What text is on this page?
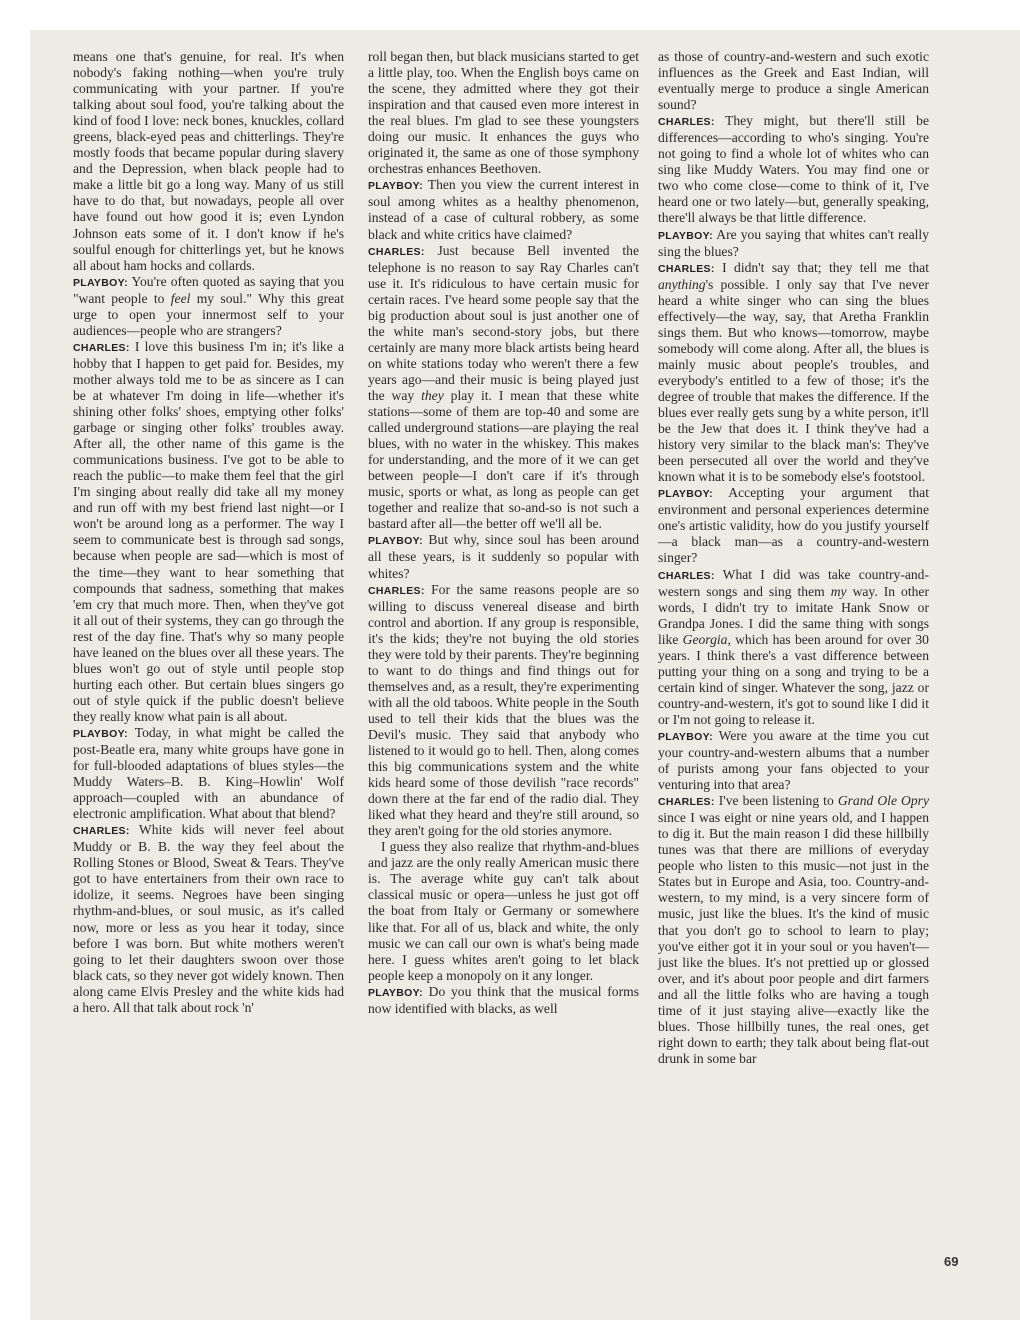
means one that's genuine, for real. It's when nobody's faking nothing—when you're truly communicating with your partner. If you're talking about soul food, you're talking about the kind of food I love: neck bones, knuckles, collard greens, black-eyed peas and chitterlings. They're mostly foods that became popular during slavery and the Depression, when black people had to make a little bit go a long way. Many of us still have to do that, but nowadays, people all over have found out how good it is; even Lyndon Johnson eats some of it. I don't know if he's soulful enough for chitterlings yet, but he knows all about ham hocks and collards.

PLAYBOY: You're often quoted as saying that you "want people to feel my soul." Why this great urge to open your innermost self to your audiences—people who are strangers?

CHARLES: I love this business I'm in; it's like a hobby that I happen to get paid for. Besides, my mother always told me to be as sincere as I can be at whatever I'm doing in life—whether it's shining other folks' shoes, emptying other folks' garbage or singing other folks' troubles away. After all, the other name of this game is the communications business. I've got to be able to reach the public—to make them feel that the girl I'm singing about really did take all my money and run off with my best friend last night—or I won't be around long as a performer. The way I seem to communicate best is through sad songs, because when people are sad—which is most of the time—they want to hear something that compounds that sadness, something that makes 'em cry that much more. Then, when they've got it all out of their systems, they can go through the rest of the day fine. That's why so many people have leaned on the blues over all these years. The blues won't go out of style until people stop hurting each other. But certain blues singers go out of style quick if the public doesn't believe they really know what pain is all about.

PLAYBOY: Today, in what might be called the post-Beatle era, many white groups have gone in for full-blooded adaptations of blues styles—the Muddy Waters–B. B. King–Howlin' Wolf approach—coupled with an abundance of electronic amplification. What about that blend?

CHARLES: White kids will never feel about Muddy or B. B. the way they feel about the Rolling Stones or Blood, Sweat & Tears. They've got to have entertainers from their own race to idolize, it seems. Negroes have been singing rhythm-and-blues, or soul music, as it's called now, more or less as you hear it today, since before I was born. But white mothers weren't going to let their daughters swoon over those black cats, so they never got widely known. Then along came Elvis Presley and the white kids had a hero. All that talk about rock 'n'

roll began then, but black musicians started to get a little play, too. When the English boys came on the scene, they admitted where they got their inspiration and that caused even more interest in the real blues. I'm glad to see these youngsters doing our music. It enhances the guys who originated it, the same as one of those symphony orchestras enhances Beethoven.

PLAYBOY: Then you view the current interest in soul among whites as a healthy phenomenon, instead of a case of cultural robbery, as some black and white critics have claimed?

CHARLES: Just because Bell invented the telephone is no reason to say Ray Charles can't use it. It's ridiculous to have certain music for certain races. I've heard some people say that the big production about soul is just another one of the white man's second-story jobs, but there certainly are many more black artists being heard on white stations today who weren't there a few years ago—and their music is being played just the way they play it. I mean that these white stations—some of them are top-40 and some are called underground stations—are playing the real blues, with no water in the whiskey. This makes for understanding, and the more of it we can get between people—I don't care if it's through music, sports or what, as long as people can get together and realize that so-and-so is not such a bastard after all—the better off we'll all be.

PLAYBOY: But why, since soul has been around all these years, is it suddenly so popular with whites?

CHARLES: For the same reasons people are so willing to discuss venereal disease and birth control and abortion. If any group is responsible, it's the kids; they're not buying the old stories they were told by their parents. They're beginning to want to do things and find things out for themselves and, as a result, they're experimenting with all the old taboos. White people in the South used to tell their kids that the blues was the Devil's music. They said that anybody who listened to it would go to hell. Then, along comes this big communications system and the white kids heard some of those devilish "race records" down there at the far end of the radio dial. They liked what they heard and they're still around, so they aren't going for the old stories anymore.

I guess they also realize that rhythm-and-blues and jazz are the only really American music there is. The average white guy can't talk about classical music or opera—unless he just got off the boat from Italy or Germany or somewhere like that. For all of us, black and white, the only music we can call our own is what's being made here. I guess whites aren't going to let black people keep a monopoly on it any longer.

PLAYBOY: Do you think that the musical forms now identified with blacks, as well

as those of country-and-western and such exotic influences as the Greek and East Indian, will eventually merge to produce a single American sound?

CHARLES: They might, but there'll still be differences—according to who's singing. You're not going to find a whole lot of whites who can sing like Muddy Waters. You may find one or two who come close—come to think of it, I've heard one or two lately—but, generally speaking, there'll always be that little difference.

PLAYBOY: Are you saying that whites can't really sing the blues?

CHARLES: I didn't say that; they tell me that anything's possible. I only say that I've never heard a white singer who can sing the blues effectively—the way, say, that Aretha Franklin sings them. But who knows—tomorrow, maybe somebody will come along. After all, the blues is mainly music about people's troubles, and everybody's entitled to a few of those; it's the degree of trouble that makes the difference. If the blues ever really gets sung by a white person, it'll be the Jew that does it. I think they've had a history very similar to the black man's: They've been persecuted all over the world and they've known what it is to be somebody else's footstool.

PLAYBOY: Accepting your argument that environment and personal experiences determine one's artistic validity, how do you justify yourself—a black man—as a country-and-western singer?

CHARLES: What I did was take country-and-western songs and sing them my way. In other words, I didn't try to imitate Hank Snow or Grandpa Jones. I did the same thing with songs like Georgia, which has been around for over 30 years. I think there's a vast difference between putting your thing on a song and trying to be a certain kind of singer. Whatever the song, jazz or country-and-western, it's got to sound like I did it or I'm not going to release it.

PLAYBOY: Were you aware at the time you cut your country-and-western albums that a number of purists among your fans objected to your venturing into that area?

CHARLES: I've been listening to Grand Ole Opry since I was eight or nine years old, and I happen to dig it. But the main reason I did these hillbilly tunes was that there are millions of everyday people who listen to this music—not just in the States but in Europe and Asia, too. Country-and-western, to my mind, is a very sincere form of music, just like the blues. It's the kind of music that you don't go to school to learn to play; you've either got it in your soul or you haven't—just like the blues. It's not prettied up or glossed over, and it's about poor people and dirt farmers and all the little folks who are having a tough time of it just staying alive—exactly like the blues. Those hillbilly tunes, the real ones, get right down to earth; they talk about being flat-out drunk in some bar

69
